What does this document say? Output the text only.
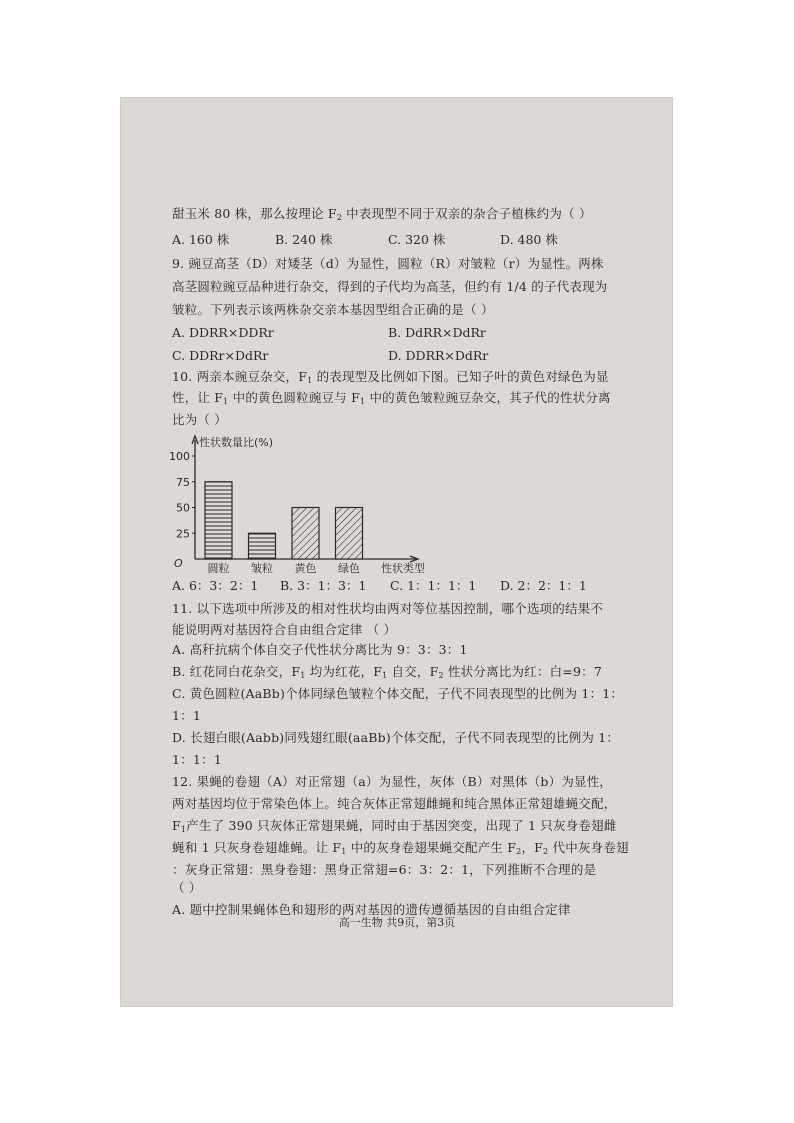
甜玉米 80 株，那么按理论 $F_2$ 中表现型不同于双亲的杂合子植株约为（ ）
A. 160 株	B. 240 株	C. 320 株	D. 480 株
9. 豌豆高茎（D）对矮茎（d）为显性，圆粒（R）对皱粒（r）为显性。两株
高茎圆粒豌豆品种进行杂交，得到的子代均为高茎，但约有 1/4 的子代表现为
皱粒。下列表示该两株杂交亲本基因型组合正确的是（ ）
A. DDRR×DDRr	B. DdRR×DdRr
C. DDRr×DdRr	D. DDRR×DdRr
10. 两亲本豌豆杂交，$F_1$ 的表现型及比例如下图。已知子叶的黄色对绿色为显
性，让 $F_1$ 中的黄色圆粒豌豆与 $F_1$ 中的黄色皱粒豌豆杂交，其子代的性状分离
比为（ ）
25
50
75
100
性状数量比(%)
O 圆粒 皱粒 黄色 绿色 性状类型
A. 6：3：2：1 B. 3：1：3：1 C. 1：1：1：1 D. 2：2：1：1
11. 以下选项中所涉及的相对性状均由两对等位基因控制，哪个选项的结果不
能说明两对基因符合自由组合定律 （ ）
A. 高秆抗病个体自交子代性状分离比为 9：3：3：1
B. 红花同白花杂交，$F_1$ 均为红花，$F_1$ 自交，$F_2$ 性状分离比为红：白=9：7
C. 黄色圆粒(AaBb)个体同绿色皱粒个体交配，子代不同表现型的比例为 1：1：
1：1
D. 长翅白眼(Aabb)同残翅红眼(aaBb)个体交配，子代不同表现型的比例为 1：
1：1：1
12. 果蝇的卷翅（A）对正常翅（a）为显性，灰体（B）对黑体（b）为显性，
两对基因均位于常染色体上。纯合灰体正常翅雌蝇和纯合黑体正常翅雄蝇交配，
$F_1$产生了 390 只灰体正常翅果蝇，同时由于基因突变，出现了 1 只灰身卷翅雌
蝇和 1 只灰身卷翅雄蝇。让 $F_1$ 中的灰身卷翅果蝇交配产生 $F_2$，$F_2$ 代中灰身卷翅
：灰身正常翅：黑身卷翅：黑身正常翅=6：3：2：1，下列推断不合理的是
（ ）
A. 题中控制果蝇体色和翅形的两对基因的遗传遵循基因的自由组合定律
高一生物 共9页，第3页
